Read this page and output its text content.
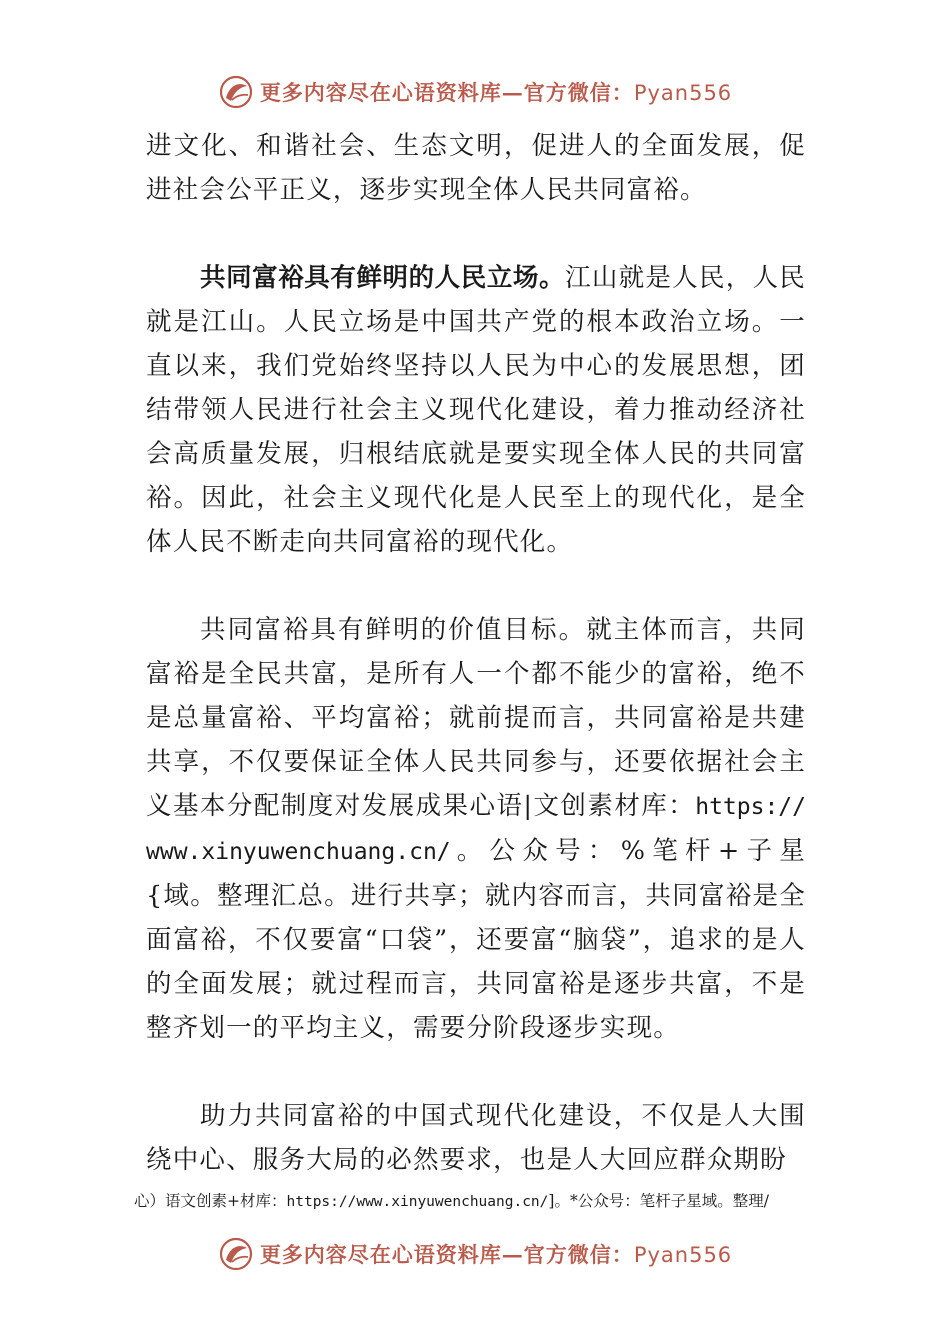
更多内容尽在心语资料库—官方微信：Pyan556

进文化、和谐社会、生态文明，促进人的全面发展，促进社会公平正义，逐步实现全体人民共同富裕。

共同富裕具有鲜明的人民立场。江山就是人民，人民就是江山。人民立场是中国共产党的根本政治立场。一直以来，我们党始终坚持以人民为中心的发展思想，团结带领人民进行社会主义现代化建设，着力推动经济社会高质量发展，归根结底就是要实现全体人民的共同富裕。因此，社会主义现代化是人民至上的现代化，是全体人民不断走向共同富裕的现代化。

共同富裕具有鲜明的价值目标。就主体而言，共同富裕是全民共富，是所有人一个都不能少的富裕，绝不是总量富裕、平均富裕；就前提而言，共同富裕是共建共享，不仅要保证全体人民共同参与，还要依据社会主义基本分配制度对发展成果心语|文创素材库：https://www.xinyuwenchuang.cn/。公众号：%笔杆+子星{域。整理汇总。进行共享；就内容而言，共同富裕是全面富裕，不仅要富“口袋”，还要富“脑袋”，追求的是人的全面发展；就过程而言，共同富裕是逐步共富，不是整齐划一的平均主义，需要分阶段逐步实现。

助力共同富裕的中国式现代化建设，不仅是人大围绕中心、服务大局的必然要求，也是人大回应群众期盼

心）语文创素+材库：https://www.xinyuwenchuang.cn/]。*公众号：笔杆子星域。整理/
更多内容尽在心语资料库—官方微信：Pyan556
